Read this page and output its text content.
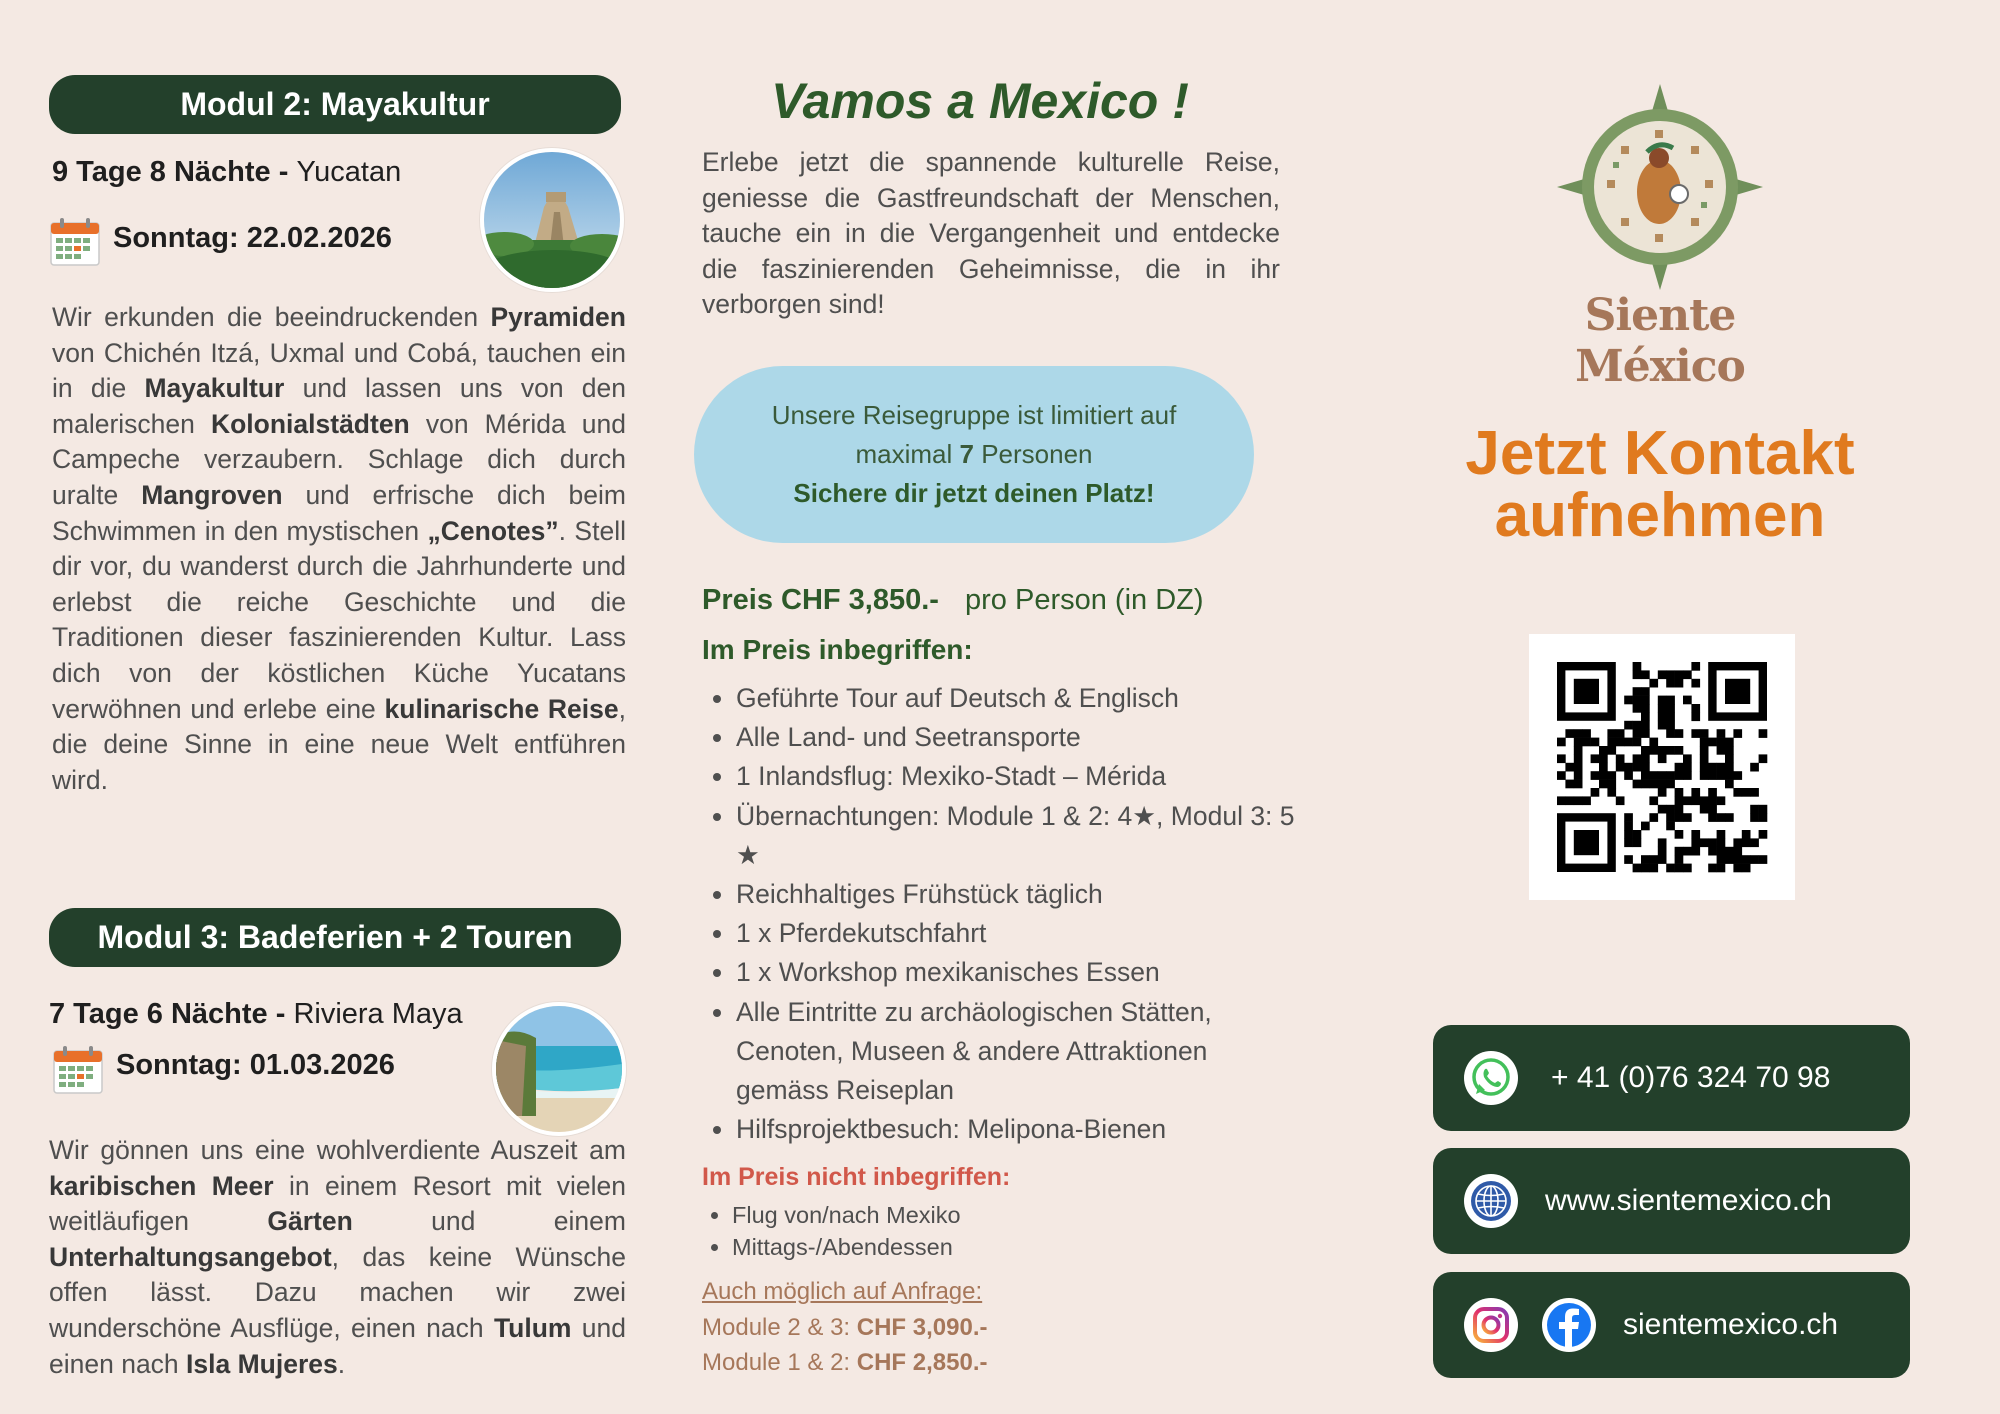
Modul 2: Mayakultur
9 Tage 8 Nächte - Yucatan
Sonntag: 22.02.2026
Wir erkunden die beeindruckenden Pyramiden von Chichén Itzá, Uxmal und Cobá, tauchen ein in die Mayakultur und lassen uns von den malerischen Kolonialstädten von Mérida und Campeche verzaubern. Schlage dich durch uralte Mangroven und erfrische dich beim Schwimmen in den mystischen „Cenotes”. Stell dir vor, du wanderst durch die Jahrhunderte und erlebst die reiche Geschichte und die Traditionen dieser faszinierenden Kultur. Lass dich von der köstlichen Küche Yucatans verwöhnen und erlebe eine kulinarische Reise, die deine Sinne in eine neue Welt entführen wird.
Modul 3: Badeferien + 2 Touren
7 Tage 6 Nächte - Riviera Maya
Sonntag: 01.03.2026
Wir gönnen uns eine wohlverdiente Auszeit am karibischen Meer in einem Resort mit vielen weitläufigen Gärten und einem Unterhaltungsangebot, das keine Wünsche offen lässt. Dazu machen wir zwei wunderschöne Ausflüge, einen nach Tulum und einen nach Isla Mujeres.
Vamos a Mexico !
Erlebe jetzt die spannende kulturelle Reise, geniesse die Gastfreundschaft der Menschen, tauche ein in die Vergangenheit und entdecke die faszinierenden Geheimnisse, die in ihr verborgen sind!
Unsere Reisegruppe ist limitiert auf
maximal 7 Personen
Sichere dir jetzt deinen Platz!
Preis CHF 3,850.- pro Person (in DZ)
Im Preis inbegriffen:
• Geführte Tour auf Deutsch & Englisch
• Alle Land- und Seetransporte
• 1 Inlandsflug: Mexiko-Stadt – Mérida
• Übernachtungen: Module 1 & 2: 4★, Modul 3: 5 ★
• Reichhaltiges Frühstück täglich
• 1 x Pferdekutschfahrt
• 1 x Workshop mexikanisches Essen
• Alle Eintritte zu archäologischen Stätten, Cenoten, Museen & andere Attraktionen gemäss Reiseplan
• Hilfsprojektbesuch: Melipona-Bienen
Im Preis nicht inbegriffen:
• Flug von/nach Mexiko
• Mittags-/Abendessen
Auch möglich auf Anfrage:
Module 2 & 3: CHF 3,090.-
Module 1 & 2: CHF 2,850.-
Siente México
Jetzt Kontakt
aufnehmen
+ 41 (0)76 324 70 98
www.sientemexico.ch
sientemexico.ch
